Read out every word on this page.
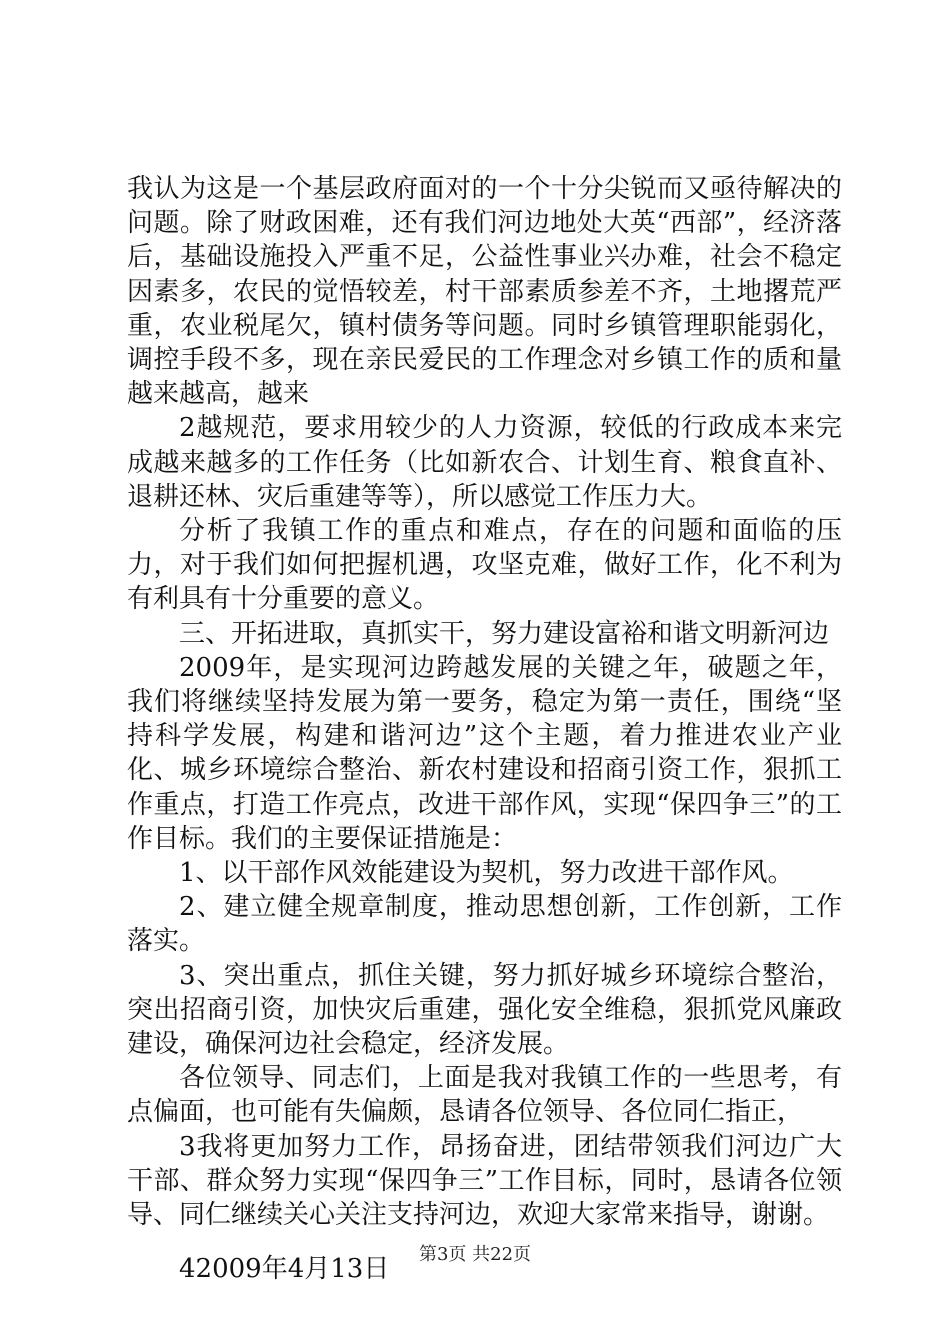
我认为这是一个基层政府面对的一个十分尖锐而又亟待解决的问题。除了财政困难，还有我们河边地处大英“西部”，经济落后，基础设施投入严重不足，公益性事业兴办难，社会不稳定因素多，农民的觉悟较差，村干部素质参差不齐，土地撂荒严重，农业税尾欠，镇村债务等问题。同时乡镇管理职能弱化，调控手段不多，现在亲民爱民的工作理念对乡镇工作的质和量越来越高，越来

2越规范，要求用较少的人力资源，较低的行政成本来完成越来越多的工作任务（比如新农合、计划生育、粮食直补、退耕还林、灾后重建等等），所以感觉工作压力大。

分析了我镇工作的重点和难点，存在的问题和面临的压力，对于我们如何把握机遇，攻坚克难，做好工作，化不利为有利具有十分重要的意义。

三、开拓进取，真抓实干，努力建设富裕和谐文明新河边

2009年，是实现河边跨越发展的关键之年，破题之年，我们将继续坚持发展为第一要务，稳定为第一责任，围绕“坚持科学发展，构建和谐河边”这个主题，着力推进农业产业化、城乡环境综合整治、新农村建设和招商引资工作，狠抓工作重点，打造工作亮点，改进干部作风，实现“保四争三”的工作目标。我们的主要保证措施是：

1、以干部作风效能建设为契机，努力改进干部作风。

2、建立健全规章制度，推动思想创新，工作创新，工作落实。

3、突出重点，抓住关键，努力抓好城乡环境综合整治，突出招商引资，加快灾后重建，强化安全维稳，狠抓党风廉政建设，确保河边社会稳定，经济发展。

各位领导、同志们，上面是我对我镇工作的一些思考，有点偏面，也可能有失偏颇，恳请各位领导、各位同仁指正，

3我将更加努力工作，昂扬奋进，团结带领我们河边广大干部、群众努力实现“保四争三”工作目标，同时，恳请各位领导、同仁继续关心关注支持河边，欢迎大家常来指导，谢谢。

42009年4月13日	第3页 共22页
